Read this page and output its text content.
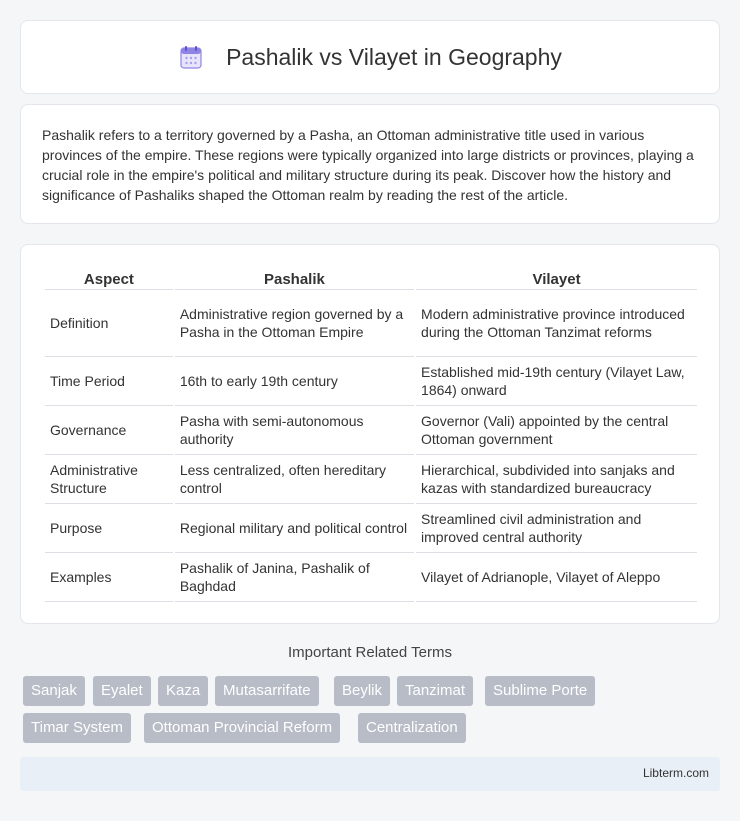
Pashalik vs Vilayet in Geography

Pashalik refers to a territory governed by a Pasha, an Ottoman administrative title used in various provinces of the empire. These regions were typically organized into large districts or provinces, playing a crucial role in the empire's political and military structure during its peak. Discover how the history and significance of Pashaliks shaped the Ottoman realm by reading the rest of the article.

Aspect	Pashalik	Vilayet
Definition	Administrative region governed by a Pasha in the Ottoman Empire	Modern administrative province introduced during the Ottoman Tanzimat reforms
Time Period	16th to early 19th century	Established mid-19th century (Vilayet Law, 1864) onward
Governance	Pasha with semi-autonomous authority	Governor (Vali) appointed by the central Ottoman government
Administrative Structure	Less centralized, often hereditary control	Hierarchical, subdivided into sanjaks and kazas with standardized bureaucracy
Purpose	Regional military and political control	Streamlined civil administration and improved central authority
Examples	Pashalik of Janina, Pashalik of Baghdad	Vilayet of Adrianople, Vilayet of Aleppo
Important Related Terms
Sanjak	Eyalet	Kaza	Mutasarrifate	Beylik	Tanzimat	Sublime Porte
Timar System	Ottoman Provincial Reform	Centralization
Libterm.com
